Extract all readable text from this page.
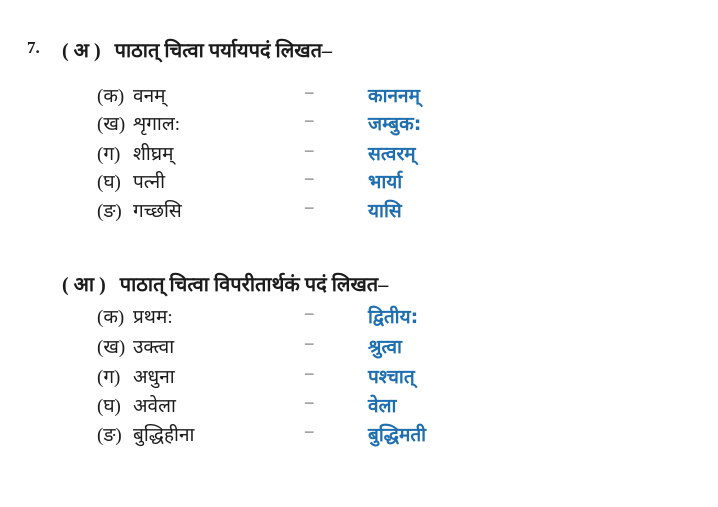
7. ( अ ) पाठात् चित्वा पर्यायपदं लिखत–
(क) वनम्	–	काननम्
(ख) शृगाल:	–	जम्बुक:
(ग) शीघ्रम्	–	सत्वरम्
(घ) पत्नी	–	भार्या
(ङ) गच्छसि	–	यासि
( आ ) पाठात् चित्वा विपरीतार्थकं पदं लिखत–
(क) प्रथम:	–	द्वितीय:
(ख) उक्त्वा	–	श्रुत्वा
(ग) अधुना	–	पश्चात्
(घ) अवेला	–	वेला
(ङ) बुद्धिहीना	–	बुद्धिमती
